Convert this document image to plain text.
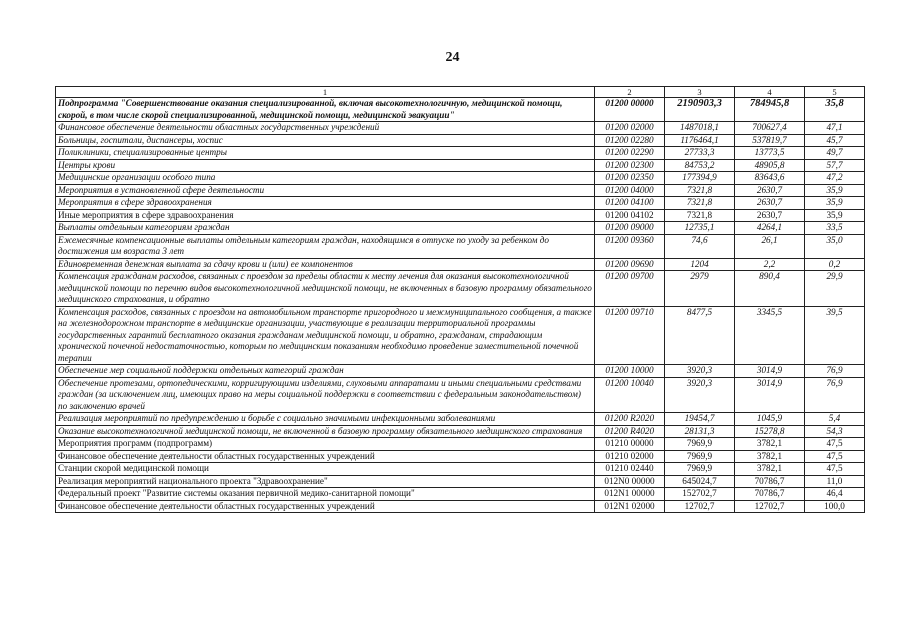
24
1	2	3	4	5
Подпрограмма "Совершенствование оказания специализированной, включая высокотехнологичную, медицинской помощи, скорой, в том числе скорой специализированной, медицинской помощи, медицинской эвакуации"	01200 00000	2190903,3	784945,8	35,8
Финансовое обеспечение деятельности областных государственных учреждений	01200 02000	1487018,1	700627,4	47,1
Больницы, госпитали, диспансеры, хоспис	01200 02280	1176464,1	537819,7	45,7
Поликлиники, специализированные центры	01200 02290	27733,3	13773,5	49,7
Центры крови	01200 02300	84753,2	48905,8	57,7
Медицинские организации особого типа	01200 02350	177394,9	83643,6	47,2
Мероприятия в установленной сфере деятельности	01200 04000	7321,8	2630,7	35,9
Мероприятия в сфере здравоохранения	01200 04100	7321,8	2630,7	35,9
Иные мероприятия в сфере здравоохранения	01200 04102	7321,8	2630,7	35,9
Выплаты отдельным категориям граждан	01200 09000	12735,1	4264,1	33,5
Ежемесячные компенсационные выплаты отдельным категориям граждан, находящимся в отпуске по уходу за ребенком до достижения им возраста 3 лет	01200 09360	74,6	26,1	35,0
Единовременная денежная выплата за сдачу крови и (или) ее компонентов	01200 09690	1204	2,2	0,2
Компенсация гражданам расходов, связанных с проездом за пределы области к месту лечения для оказания высокотехнологичной медицинской помощи по перечню видов высокотехнологичной медицинской помощи, не включенных в базовую программу обязательного медицинского страхования, и обратно	01200 09700	2979	890,4	29,9
Компенсация расходов, связанных с проездом на автомобильном транспорте пригородного и межмуниципального сообщения, а также на железнодорожном транспорте в медицинские организации, участвующие в реализации территориальной программы государственных гарантий бесплатного оказания гражданам медицинской помощи, и обратно, гражданам, страдающим хронической почечной недостаточностью, которым по медицинским показаниям необходимо проведение заместительной почечной терапии	01200 09710	8477,5	3345,5	39,5
Обеспечение мер социальной поддержки отдельных категорий граждан	01200 10000	3920,3	3014,9	76,9
Обеспечение протезами, ортопедическими, корригирующими изделиями, слуховыми аппаратами и иными специальными средствами граждан (за исключением лиц, имеющих право на меры социальной поддержки в соответствии с федеральным законодательством) по заключению врачей	01200 10040	3920,3	3014,9	76,9
Реализация мероприятий по предупреждению и борьбе с социально значимыми инфекционными заболеваниями	01200 R2020	19454,7	1045,9	5,4
Оказание высокотехнологичной медицинской помощи, не включенной в базовую программу обязательного медицинского страхования	01200 R4020	28131,3	15278,8	54,3
Мероприятия программ (подпрограмм)	01210 00000	7969,9	3782,1	47,5
Финансовое обеспечение деятельности областных государственных учреждений	01210 02000	7969,9	3782,1	47,5
Станции скорой медицинской помощи	01210 02440	7969,9	3782,1	47,5
Реализация мероприятий национального проекта "Здравоохранение"	012N0 00000	645024,7	70786,7	11,0
Федеральный проект "Развитие системы оказания первичной медико-санитарной помощи"	012N1 00000	152702,7	70786,7	46,4
Финансовое обеспечение деятельности областных государственных учреждений	012N1 02000	12702,7	12702,7	100,0
